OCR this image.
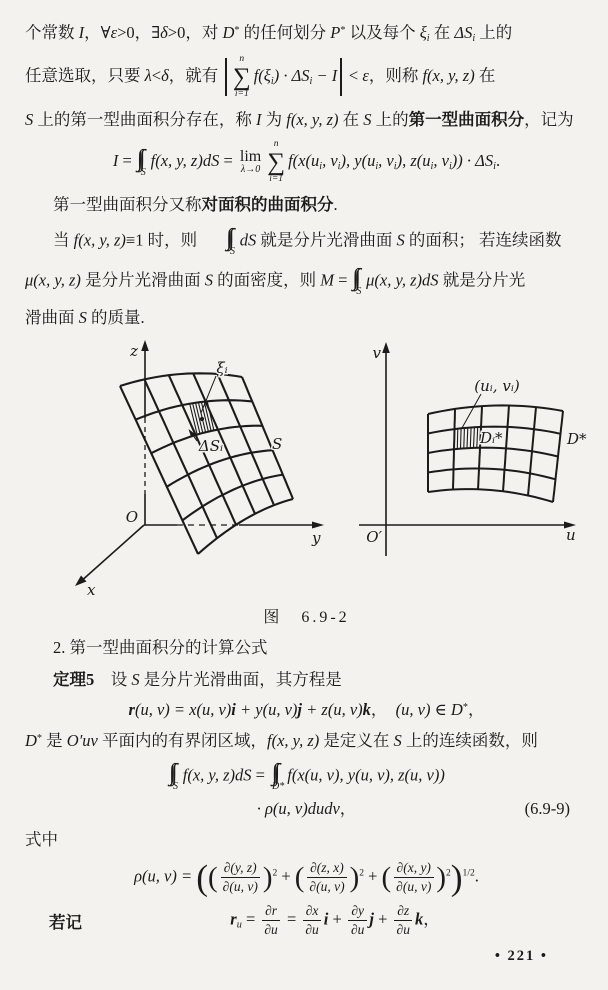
个常数 I，∀ε>0，∃δ>0，对 D* 的任何划分 P* 以及每个 $\xi_i$ 在 $\Delta S_i$ 上的

任意选取，只要 λ<δ，就有
n
∑
i=1
$f(\xi_i) \cdot \Delta S_i - I < \varepsilon$，则称 f(x, y, z) 在

S 上的第一型曲面积分存在，称 I 为 f(x, y, z) 在 S 上的第一型曲面积分，记为

I =
S
f(x, y, z)dS = lim
λ→0
n
∑
i=1
$f(x(u_i$, $v_i$), $y(u_i$, $v_i$), $z(u_i$, $v_i)) \cdot \Delta S_i$.

第一型曲面积分又称对面积的曲面积分.

当 f(x, y, z)≡1 时，则
S
dS 就是分片光滑曲面 S 的面积； 若连续函数

μ(x, y, z) 是分片光滑曲面 S 的面密度，则 M =
S
μ(x, y, z)dS 就是分片光

滑曲面 S 的质量.

z
y
x
O
ξᵢ
ΔSᵢ	S
v
u
O′
(uᵢ, vᵢ)
Dᵢ*	D*
图　6.9-2

2. 第一型曲面积分的计算公式

定理5　设 S 是分片光滑曲面，其方程是

r(u, v) = x(u, v)i + y(u, v)j + z(u, v)k，　(u, v) ∈ D*，

D* 是 O′uv 平面内的有界闭区域，f(x, y, z) 是定义在 S 上的连续函数，则

S
f(x, y, z)dS =
D*
f(x(u, v), y(u, v), z(u, v))
· ρ(u, v)dudv，	(6.9-9)

式中

ρ(u, v) = (( $\frac{\partial(y, z)}{\partial(u, v)} )^2$ + ( $\frac{\partial(z, x)}{\partial(u, v)} )^2$ + ( $\frac{\partial(x, y)}{\partial(u, v)} )^2)^{1/2}$.
若记	$r_u = \frac{\partial r}{\partial u} = \frac{\partial x}{\partial u}$ $i + \frac{\partial y}{\partial u}$ $j + \frac{\partial z}{\partial u}$ k，
• 221 •
